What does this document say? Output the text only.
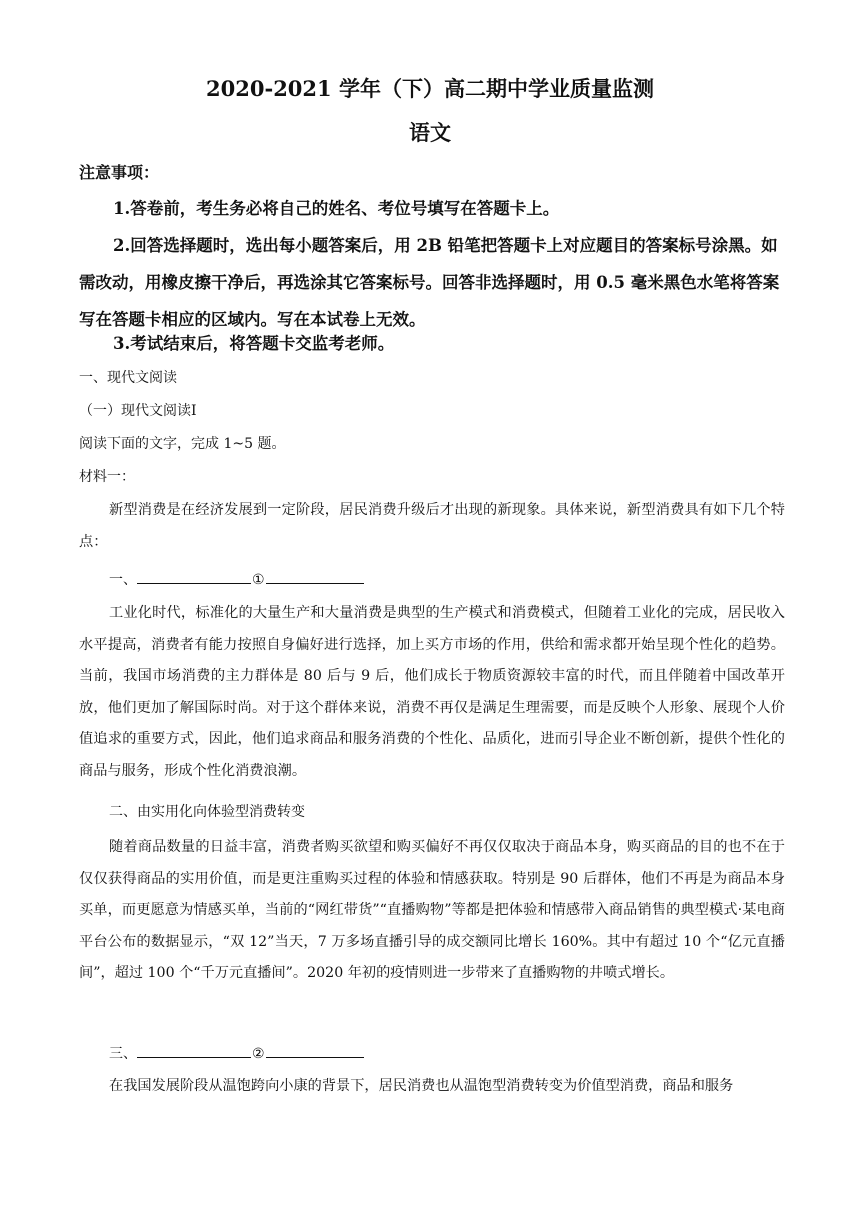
2020-2021 学年（下）高二期中学业质量监测
语文
注意事项：
1.答卷前，考生务必将自己的姓名、考位号填写在答题卡上。
2.回答选择题时，选出每小题答案后，用 2B 铅笔把答题卡上对应题目的答案标号涂黑。如需改动，用橡皮擦干净后，再选涂其它答案标号。回答非选择题时，用 0.5 毫米黑色水笔将答案写在答题卡相应的区域内。写在本试卷上无效。
3.考试结束后，将答题卡交监考老师。
一、现代文阅读
（一）现代文阅读Ⅰ
阅读下面的文字，完成 1~5 题。
材料一：
新型消费是在经济发展到一定阶段，居民消费升级后才出现的新现象。具体来说，新型消费具有如下几个特点：
一、	①
工业化时代，标准化的大量生产和大量消费是典型的生产模式和消费模式，但随着工业化的完成，居民收入水平提高，消费者有能力按照自身偏好进行选择，加上买方市场的作用，供给和需求都开始呈现个性化的趋势。当前，我国市场消费的主力群体是 80 后与 9 后，他们成长于物质资源较丰富的时代，而且伴随着中国改革开放，他们更加了解国际时尚。对于这个群体来说，消费不再仅是满足生理需要，而是反映个人形象、展现个人价值追求的重要方式，因此，他们追求商品和服务消费的个性化、品质化，进而引导企业不断创新，提供个性化的商品与服务，形成个性化消费浪潮。
二、由实用化向体验型消费转变
随着商品数量的日益丰富，消费者购买欲望和购买偏好不再仅仅取决于商品本身，购买商品的目的也不在于仅仅获得商品的实用价值，而是更注重购买过程的体验和情感获取。特别是 90 后群体，他们不再是为商品本身买单，而更愿意为情感买单，当前的“网红带货”“直播购物”等都是把体验和情感带入商品销售的典型模式·某电商平台公布的数据显示，“双 12”当天，7 万多场直播引导的成交额同比增长 160%。其中有超过 10 个“亿元直播间”，超过 100 个“千万元直播间”。2020 年初的疫情则进一步带来了直播购物的井喷式增长。
三、	②
在我国发展阶段从温饱跨向小康的背景下，居民消费也从温饱型消费转变为价值型消费，商品和服务
